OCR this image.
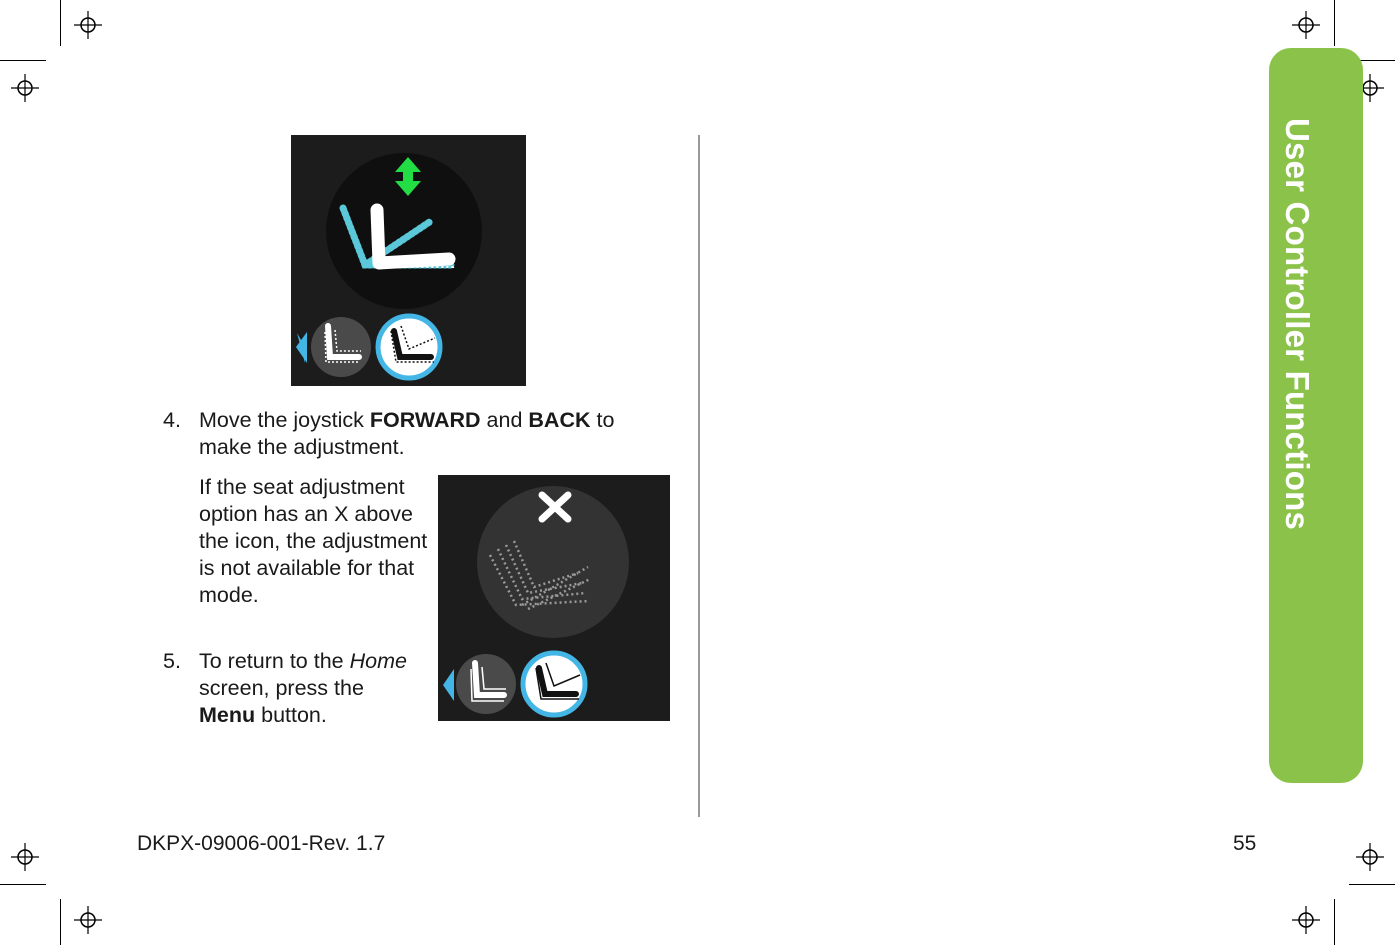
User Controller Functions
4. Move the joystick FORWARD and BACK to make the adjustment.
If the seat adjustment option has an X above the icon, the adjustment is not available for that mode.
5. To return to the Home screen, press the Menu button.
DKPX-09006-001-Rev. 1.7	55
